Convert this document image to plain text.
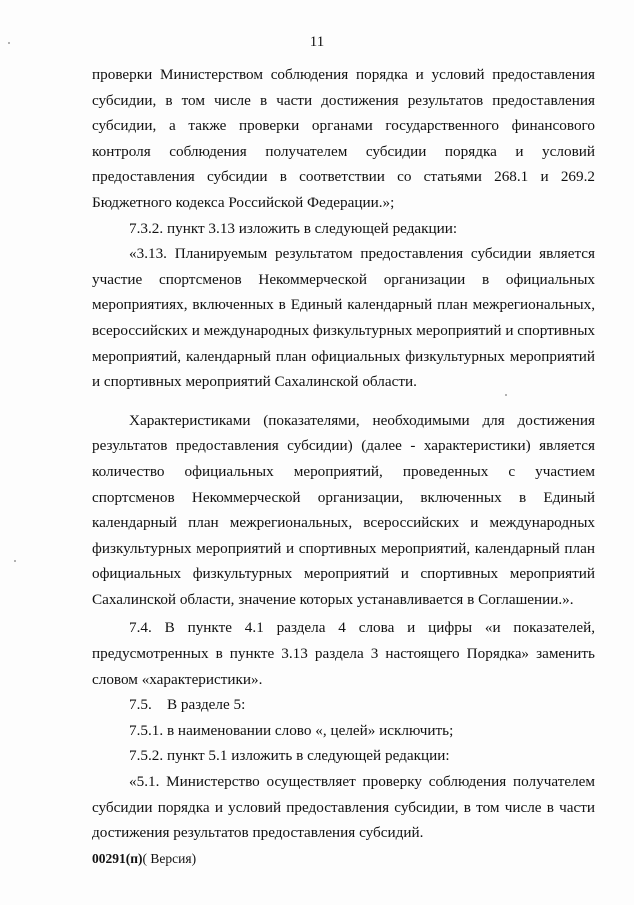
11

проверки Министерством соблюдения порядка и условий предоставления субсидии, в том числе в части достижения результатов предоставления субсидии, а также проверки органами государственного финансового контроля соблюдения получателем субсидии порядка и условий предоставления субсидии в соответствии со статьями 268.1 и 269.2 Бюджетного кодекса Российской Федерации.»;

7.3.2. пункт 3.13 изложить в следующей редакции:

«3.13. Планируемым результатом предоставления субсидии является участие спортсменов Некоммерческой организации в официальных мероприятиях, включенных в Единый календарный план межрегиональных, всероссийских и международных физкультурных мероприятий и спортивных мероприятий, календарный план официальных физкультурных мероприятий и спортивных мероприятий Сахалинской области.

Характеристиками (показателями, необходимыми для достижения результатов предоставления субсидии) (далее - характеристики) является количество официальных мероприятий, проведенных с участием спортсменов Некоммерческой организации, включенных в Единый календарный план межрегиональных, всероссийских и международных физкультурных мероприятий и спортивных мероприятий, календарный план официальных физкультурных мероприятий и спортивных мероприятий Сахалинской области, значение которых устанавливается в Соглашении.».

7.4. В пункте 4.1 раздела 4 слова и цифры «и показателей, предусмотренных в пункте 3.13 раздела 3 настоящего Порядка» заменить словом «характеристики».

7.5. В разделе 5:

7.5.1. в наименовании слово «, целей» исключить;

7.5.2. пункт 5.1 изложить в следующей редакции:

«5.1. Министерство осуществляет проверку соблюдения получателем субсидии порядка и условий предоставления субсидии, в том числе в части достижения результатов предоставления субсидий.

00291(п)( Версия)
